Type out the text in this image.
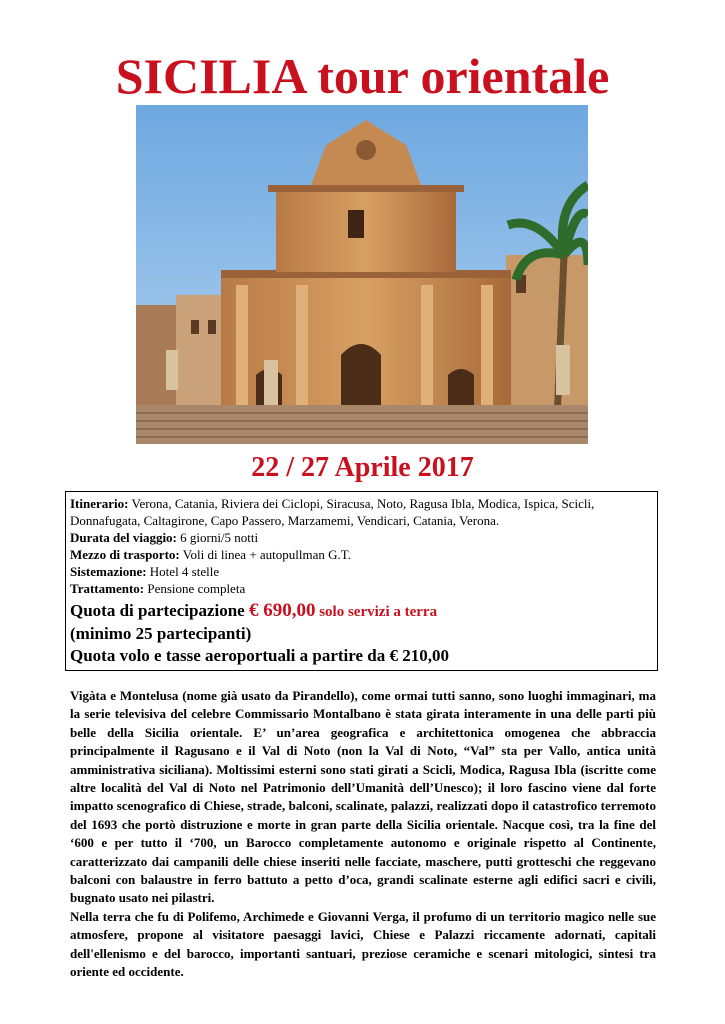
SICILIA tour orientale
22 / 27 Aprile 2017

Itinerario: Verona, Catania, Riviera dei Ciclopi, Siracusa, Noto, Ragusa Ibla, Modica, Ispica, Scicli, Donnafugata, Caltagirone, Capo Passero, Marzamemi, Vendicari, Catania, Verona.

Durata del viaggio: 6 giorni/5 notti

Mezzo di trasporto: Voli di linea + autopullman G.T.

Sistemazione: Hotel 4 stelle

Trattamento: Pensione completa

Quota di partecipazione € 690,00 solo servizi a terra

(minimo 25 partecipanti)

Quota volo e tasse aeroportuali a partire da € 210,00

Vigàta e Montelusa (nome già usato da Pirandello), come ormai tutti sanno, sono luoghi immaginari, ma la serie televisiva del celebre Commissario Montalbano è stata girata interamente in una delle parti più belle della Sicilia orientale. E’ un’area geografica e architettonica omogenea che abbraccia principalmente il Ragusano e il Val di Noto (non la Val di Noto, “Val” sta per Vallo, antica unità amministrativa siciliana). Moltissimi esterni sono stati girati a Scicli, Modica, Ragusa Ibla (iscritte come altre località del Val di Noto nel Patrimonio dell’Umanità dell’Unesco); il loro fascino viene dal forte impatto scenografico di Chiese, strade, balconi, scalinate, palazzi, realizzati dopo il catastrofico terremoto del 1693 che portò distruzione e morte in gran parte della Sicilia orientale. Nacque così, tra la fine del ‘600 e per tutto il ‘700, un Barocco completamente autonomo e originale rispetto al Continente, caratterizzato dai campanili delle chiese inseriti nelle facciate, maschere, putti grotteschi che reggevano balconi con balaustre in ferro battuto a petto d’oca, grandi scalinate esterne agli edifici sacri e civili, bugnato usato nei pilastri.

Nella terra che fu di Polifemo, Archimede e Giovanni Verga, il profumo di un territorio magico nelle sue atmosfere, propone al visitatore paesaggi lavici, Chiese e Palazzi riccamente adornati, capitali dell'ellenismo e del barocco, importanti santuari, preziose ceramiche e scenari mitologici, sintesi tra oriente ed occidente.
